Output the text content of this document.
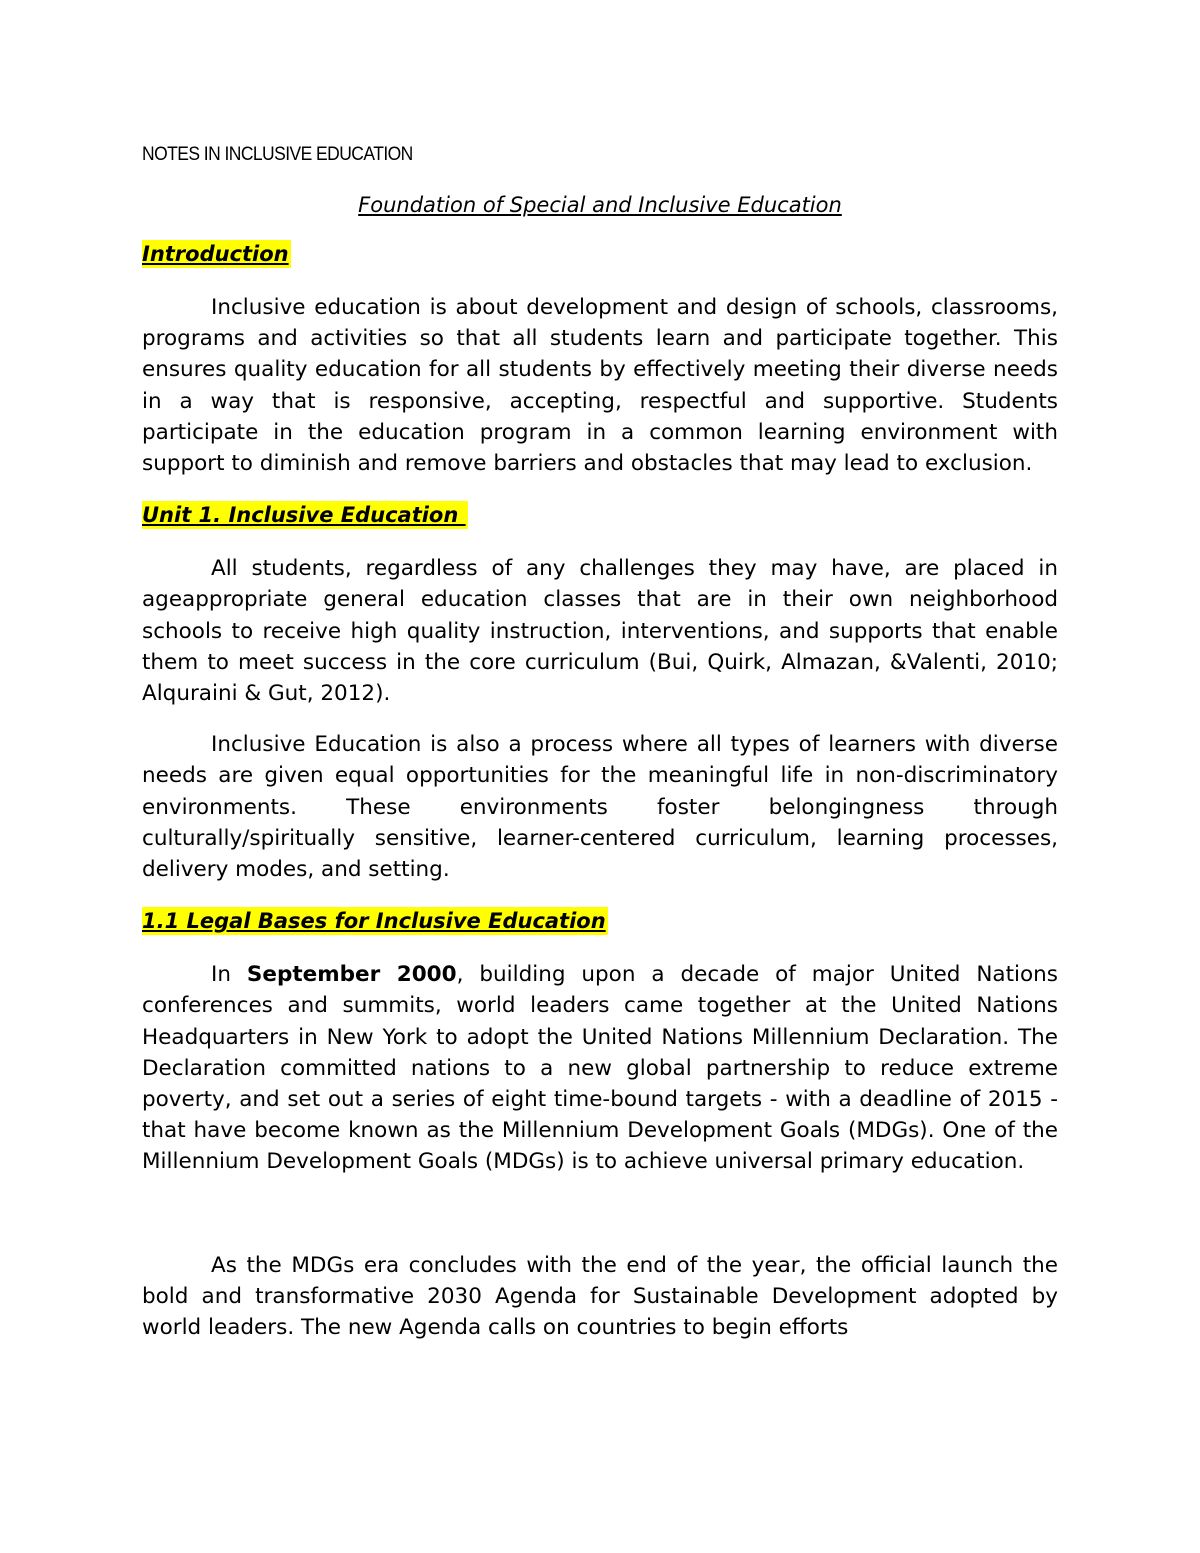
NOTES IN INCLUSIVE EDUCATION

Foundation of Special and Inclusive Education

Introduction

Inclusive education is about development and design of schools, classrooms, programs and activities so that all students learn and participate together. This ensures quality education for all students by effectively meeting their diverse needs in a way that is responsive, accepting, respectful and supportive. Students participate in the education program in a common learning environment with support to diminish and remove barriers and obstacles that may lead to exclusion.

Unit 1. Inclusive Education

All students, regardless of any challenges they may have, are placed in ageappropriate general education classes that are in their own neighborhood schools to receive high quality instruction, interventions, and supports that enable them to meet success in the core curriculum (Bui, Quirk, Almazan, &Valenti, 2010; Alquraini & Gut, 2012).

Inclusive Education is also a process where all types of learners with diverse needs are given equal opportunities for the meaningful life in non-discriminatory environments. These environments foster belongingness through culturally/spiritually sensitive, learner-centered curriculum, learning processes, delivery modes, and setting.

1.1 Legal Bases for Inclusive Education

In September 2000, building upon a decade of major United Nations conferences and summits, world leaders came together at the United Nations Headquarters in New York to adopt the United Nations Millennium Declaration. The Declaration committed nations to a new global partnership to reduce extreme poverty, and set out a series of eight time-bound targets - with a deadline of 2015 - that have become known as the Millennium Development Goals (MDGs). One of the Millennium Development Goals (MDGs) is to achieve universal primary education.

As the MDGs era concludes with the end of the year, the official launch the bold and transformative 2030 Agenda for Sustainable Development adopted by world leaders. The new Agenda calls on countries to begin efforts
